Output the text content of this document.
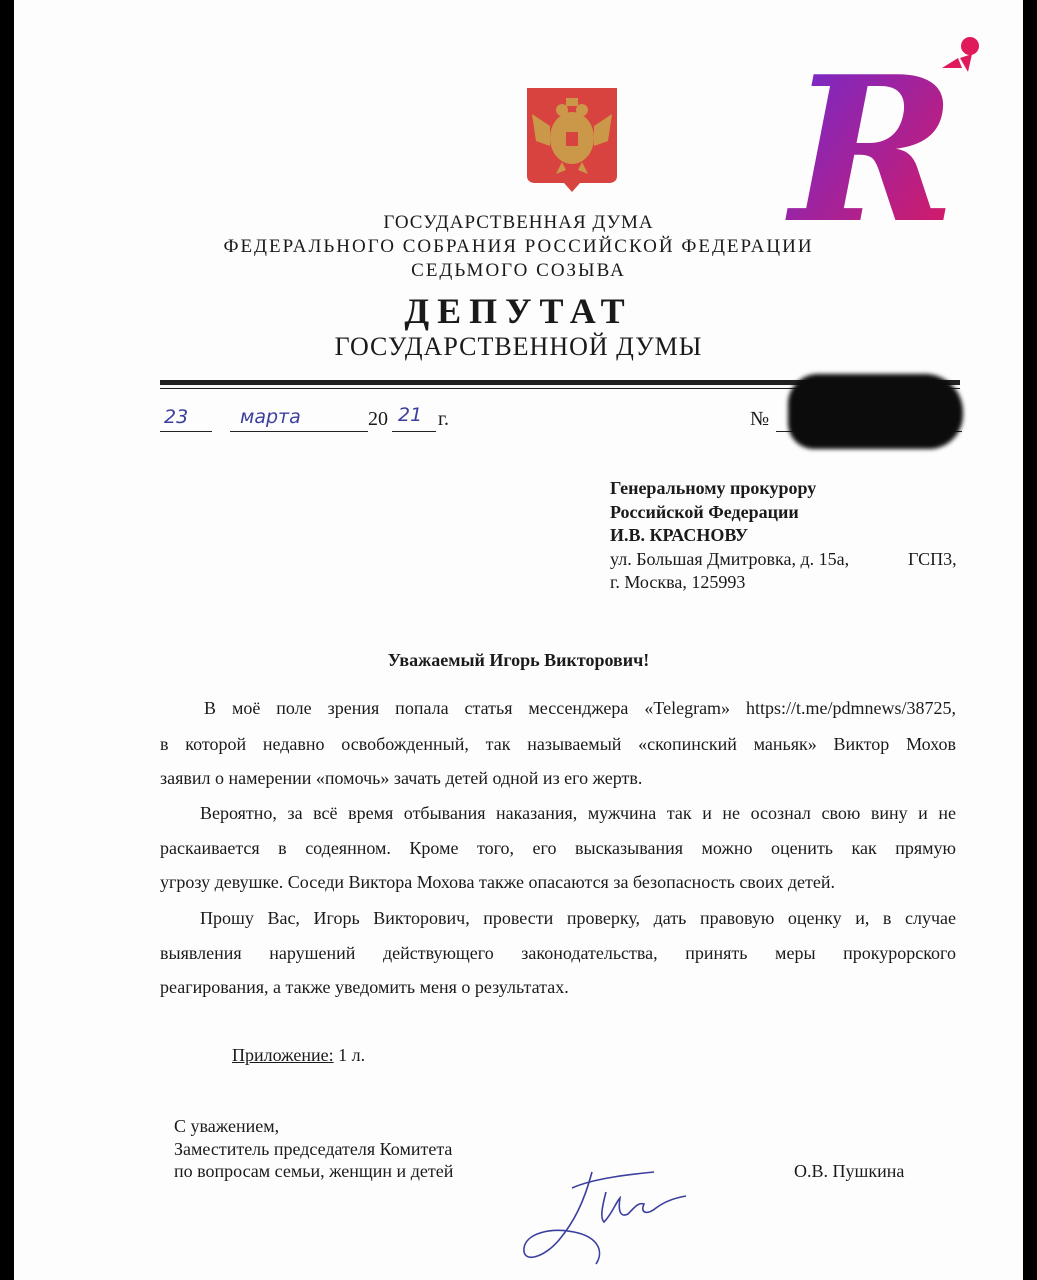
ГОСУДАРСТВЕННАЯ ДУМА
ФЕДЕРАЛЬНОГО СОБРАНИЯ РОССИЙСКОЙ ФЕДЕРАЦИИ
СЕДЬМОГО СОЗЫВА
ДЕПУТАТ
ГОСУДАРСТВЕННОЙ ДУМЫ
23	марта	20 21 г.	№
Генеральному прокурору
Российской Федерации
И.В. КРАСНОВУ
ул. Большая Дмитровка, д. 15а,	ГСП3,
г. Москва, 125993
Уважаемый Игорь Викторович!
В моё поле зрения попала статья мессенджера «Telegram» https://t.me/pdmnews/38725,
в которой недавно освобожденный, так называемый «скопинский маньяк» Виктор Мохов
заявил о намерении «помочь» зачать детей одной из его жертв.
Вероятно, за всё время отбывания наказания, мужчина так и не осознал свою вину и не
раскаивается в содеянном. Кроме того, его высказывания можно оценить как прямую
угрозу девушке. Соседи Виктора Мохова также опасаются за безопасность своих детей.
Прошу Вас, Игорь Викторович, провести проверку, дать правовую оценку и, в случае
выявления нарушений действующего законодательства, принять меры прокурорского
реагирования, а также уведомить меня о результатах.
Приложение: 1 л.
С уважением,
Заместитель председателя Комитета
по вопросам семьи, женщин и детей	О.В. Пушкина
R
